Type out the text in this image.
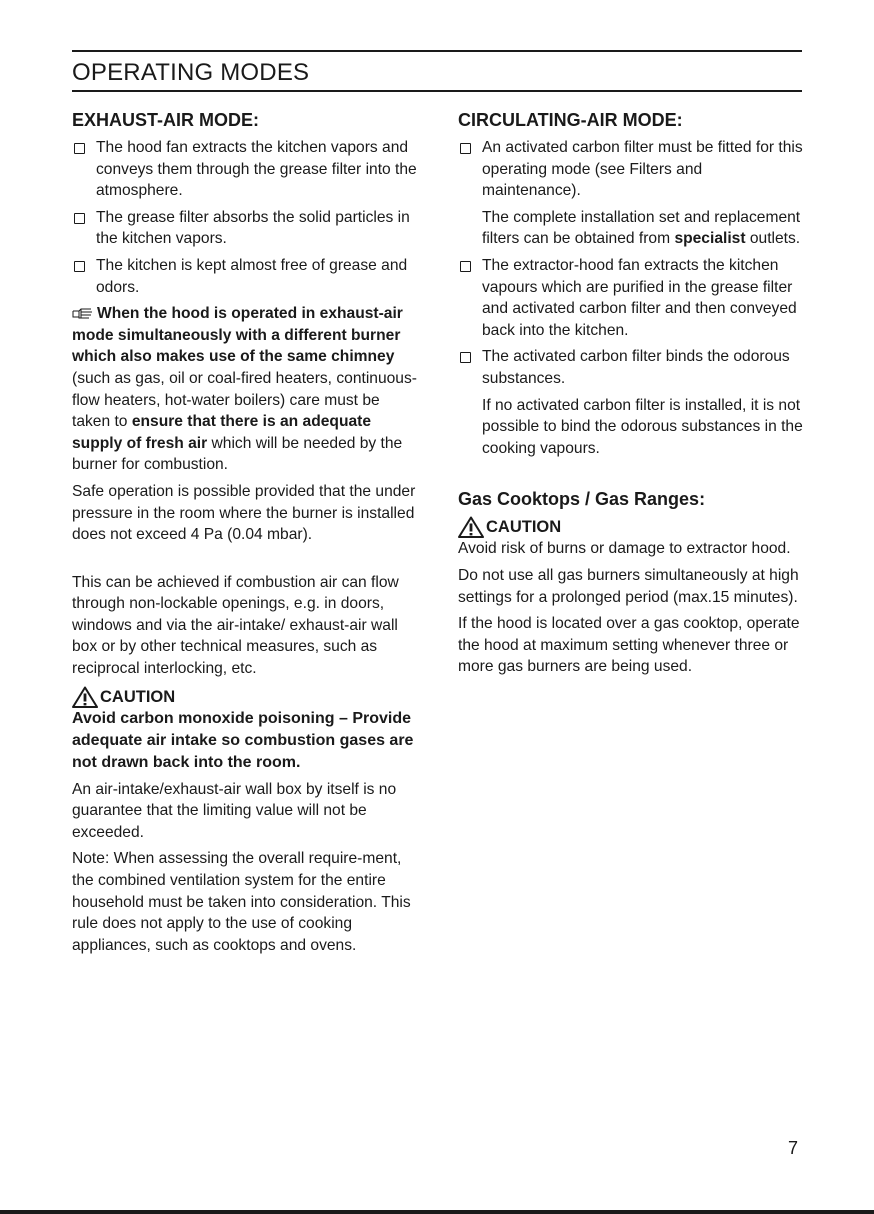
OPERATING MODES
EXHAUST-AIR MODE:
The hood fan extracts the kitchen vapors and conveys them through the grease filter into the atmosphere.
The grease filter absorbs the solid particles in the kitchen vapors.
The kitchen is kept almost free of grease and odors.

When the hood is operated in exhaust-air mode simultaneously with a different burner which also makes use of the same chimney (such as gas, oil or coal-fired heaters, continuous-flow heaters, hot-water boilers) care must be taken to ensure that there is an adequate supply of fresh air which will be needed by the burner for combustion.

Safe operation is possible provided that the under pressure in the room where the burner is installed does not exceed 4 Pa (0.04 mbar).

This can be achieved if combustion air can flow through non-lockable openings, e.g. in doors, windows and via the air-intake/ exhaust-air wall box or by other technical measures, such as reciprocal interlocking, etc.

CAUTION

Avoid carbon monoxide poisoning – Provide adequate air intake so combustion gases are not drawn back into the room.

An air-intake/exhaust-air wall box by itself is no guarantee that the limiting value will not be exceeded.

Note: When assessing the overall require-ment, the combined ventilation system for the entire household must be taken into consideration. This rule does not apply to the use of cooking appliances, such as cooktops and ovens.

CIRCULATING-AIR MODE:
An activated carbon filter must be fitted for this operating mode (see Filters and maintenance).

The complete installation set and replacement filters can be obtained from specialist outlets.

The extractor-hood fan extracts the kitchen vapours which are purified in the grease filter and activated carbon filter and then conveyed back into the kitchen.
The activated carbon filter binds the odorous substances.

If no activated carbon filter is installed, it is not possible to bind the odorous substances in the cooking vapours.

Gas Cooktops / Gas Ranges:
CAUTION

Avoid risk of burns or damage to extractor hood.

Do not use all gas burners simultaneously at high settings for a prolonged period (max.15 minutes).

If the hood is located over a gas cooktop, operate the hood at maximum setting whenever three or more gas burners are being used.

7
